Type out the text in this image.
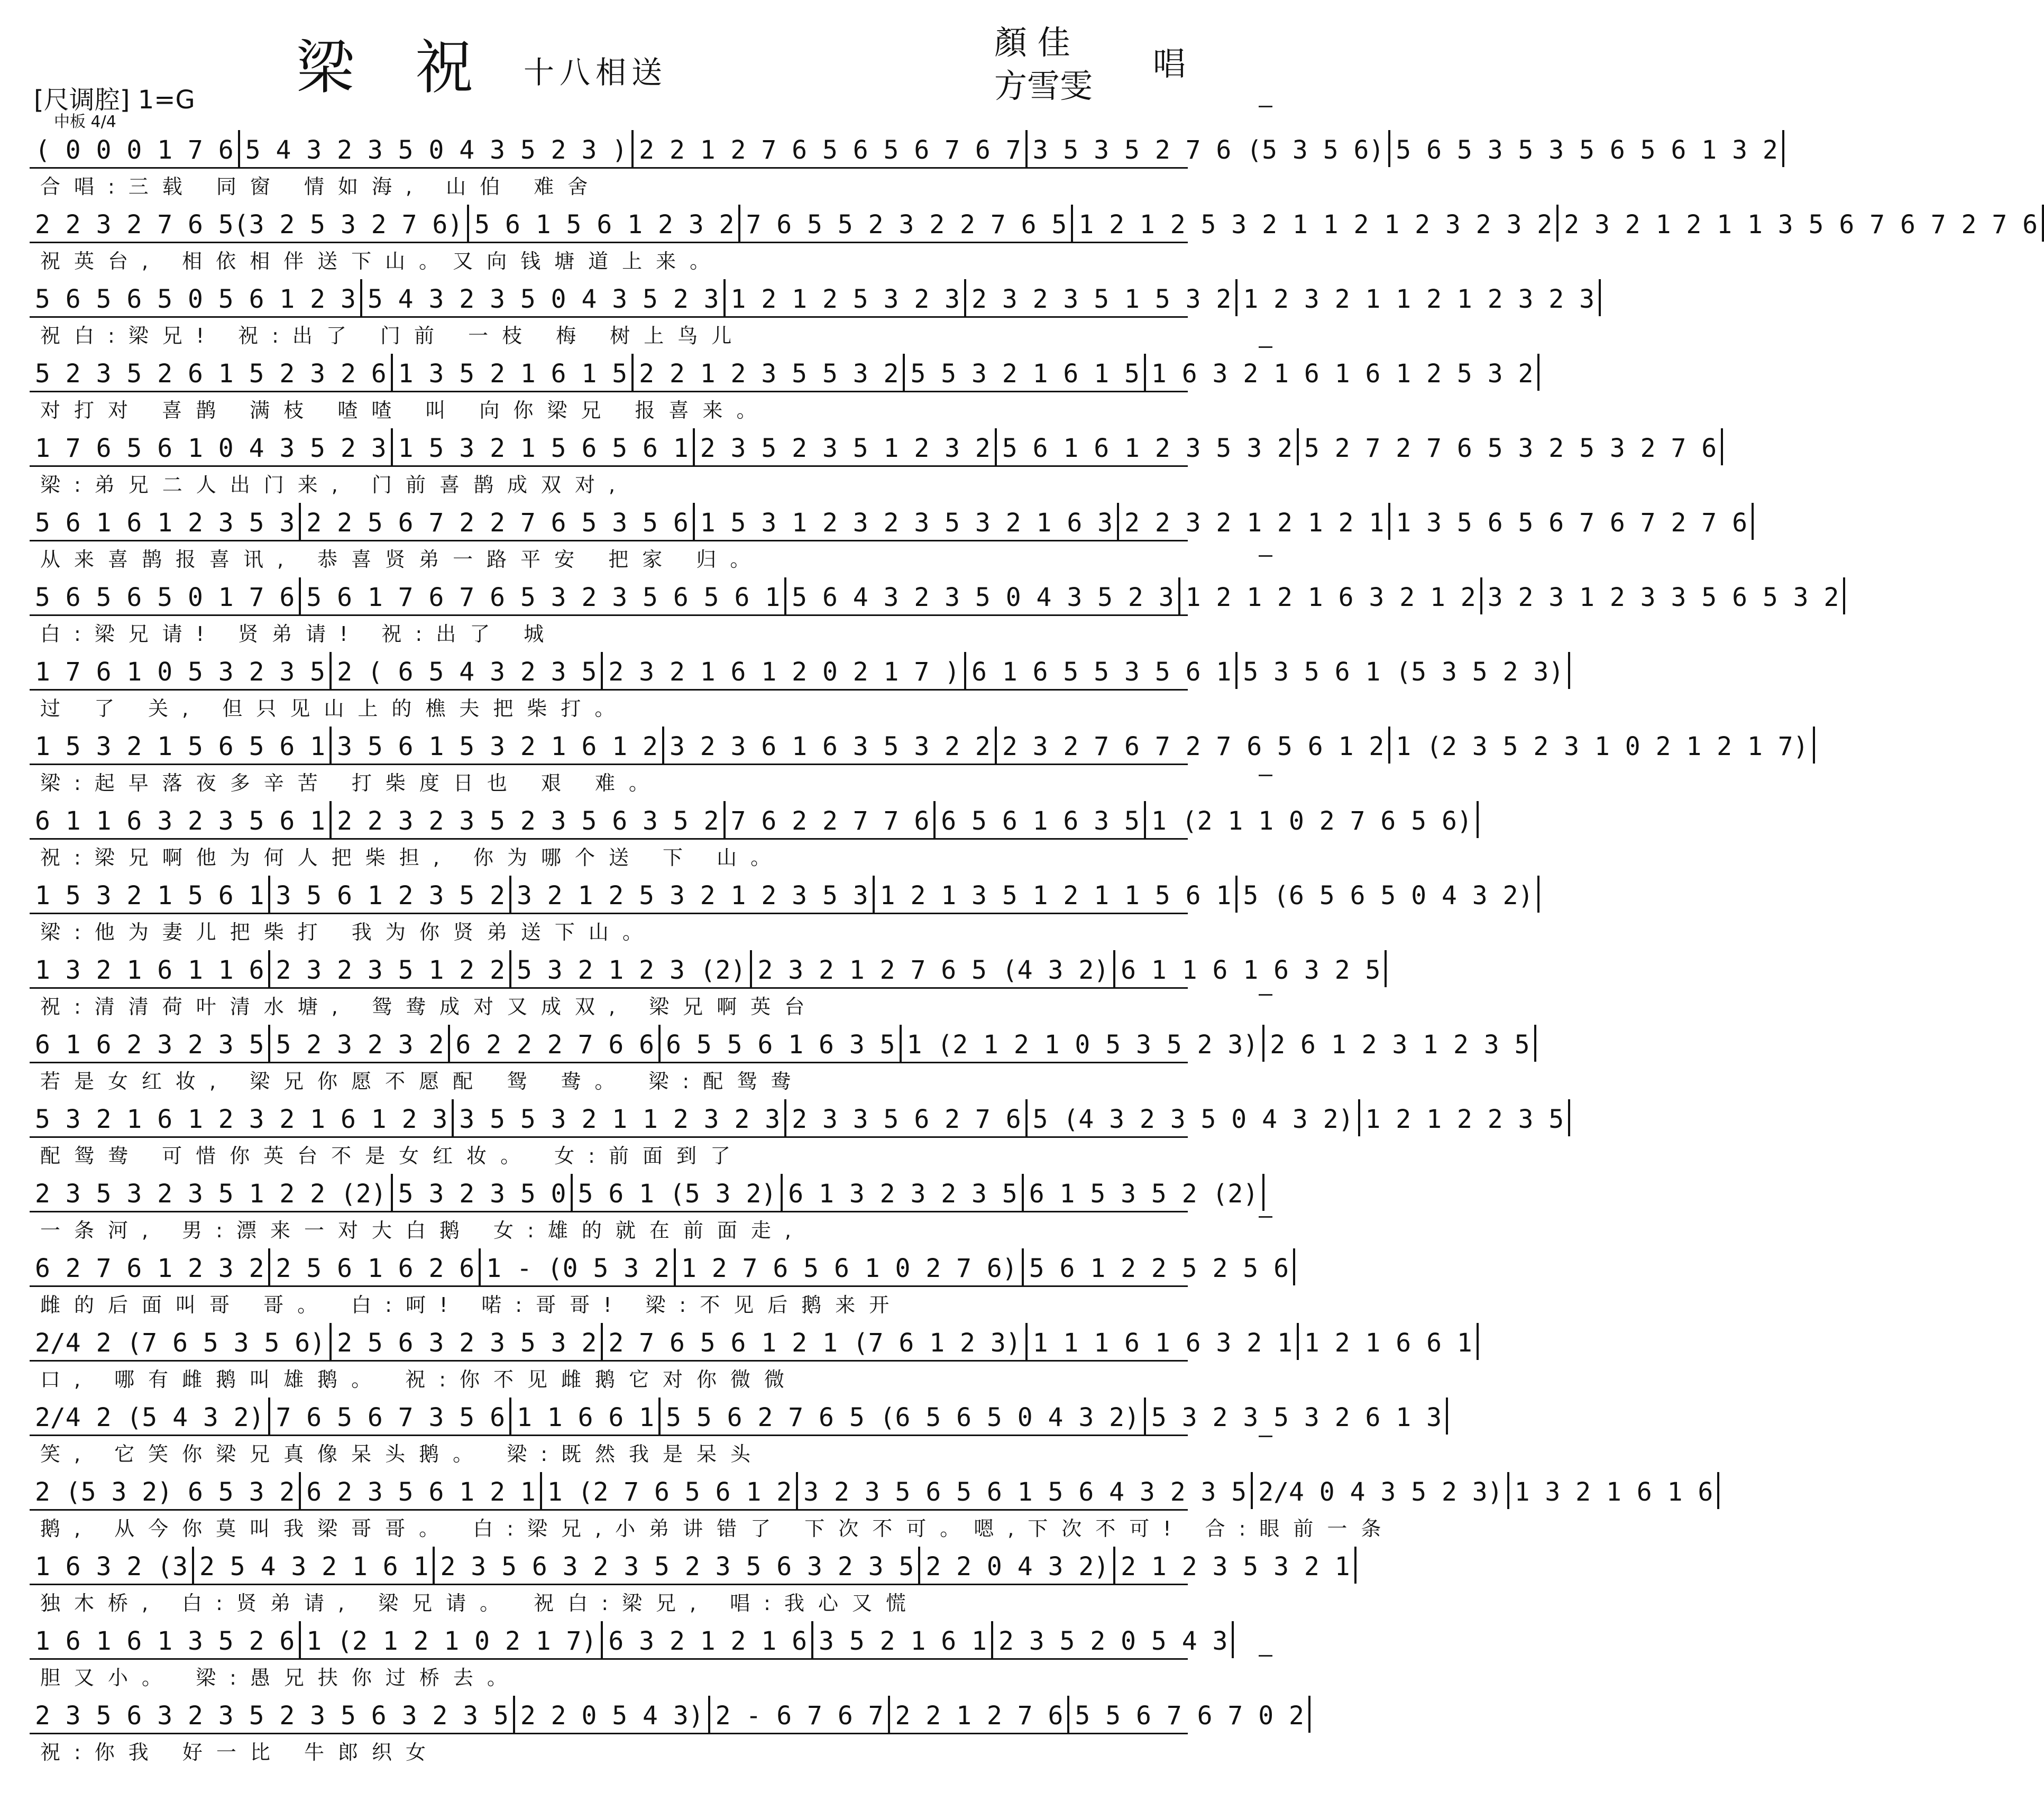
梁 祝 十八相送
顏 佳
方雪雯
唱
[尺调腔] 1=G
中板 4/4
( 0 0 0 1 7 6 5 4 3 2 3 5 0 4 3 5 2 3 ) 2 2 1 2 7 6 5 6 5 6 7 6 7 3 5 3 5 2 7 6 (5 3 5 6) 5 6 5 3 5 3 5 6 5 6 1 3 2
合唱:三载 同窗 情如海, 山伯 难舍
2 2 3 2 7 6 5(3 2 5 3 2 7 6) 5 6 1 5 6 1 2 3 2 7 6 5 5 2 3 2 2 7 6 5 1 2 1 2 5 3 2 1 1 2 1 2 3 2 3 2 2 3 2 1 2 1 1 3 5 6 7 6 7 2 7 6
祝英台, 相依相伴送下山。又向钱塘道上来。
5 6 5 6 5 0 5 6 1 2 3 5 4 3 2 3 5 0 4 3 5 2 3 1 2 1 2 5 3 2 3 2 3 2 3 5 1 5 3 2 1 2 3 2 1 1 2 1 2 3 2 3
祝白:梁兄! 祝:出了 门前 一枝 梅 树上鸟儿
5 2 3 5 2 6 1 5 2 3 2 6 1 3 5 2 1 6 1 5 2 2 1 2 3 5 5 3 2 5 5 3 2 1 6 1 5 1 6 3 2 1 6 1 6 1 2 5 3 2
对打对 喜鹊 满枝 喳喳 叫 向你梁兄 报喜来。
1 7 6 5 6 1 0 4 3 5 2 3 1 5 3 2 1 5 6 5 6 1 2 3 5 2 3 5 1 2 3 2 5 6 1 6 1 2 3 5 3 2 5 2 7 2 7 6 5 3 2 5 3 2 7 6
梁:弟兄二人出门来, 门前喜鹊成双对,
5 6 1 6 1 2 3 5 3 2 2 5 6 7 2 2 7 6 5 3 5 6 1 5 3 1 2 3 2 3 5 3 2 1 6 3 2 2 3 2 1 2 1 2 1 1 3 5 6 5 6 7 6 7 2 7 6
从来喜鹊报喜讯, 恭喜贤弟一路平安 把家 归。
5 6 5 6 5 0 1 7 6 5 6 1 7 6 7 6 5 3 2 3 5 6 5 6 1 5 6 4 3 2 3 5 0 4 3 5 2 3 1 2 1 2 1 6 3 2 1 2 3 2 3 1 2 3 3 5 6 5 3 2
白:梁兄请! 贤弟请! 祝:出了 城
1 7 6 1 0 5 3 2 3 5 2 ( 6 5 4 3 2 3 5 2 3 2 1 6 1 2 0 2 1 7 ) 6 1 6 5 5 3 5 6 1 5 3 5 6 1 (5 3 5 2 3)
过 了 关, 但只见山上的樵夫把柴打。
1 5 3 2 1 5 6 5 6 1 3 5 6 1 5 3 2 1 6 1 2 3 2 3 6 1 6 3 5 3 2 2 2 3 2 7 6 7 2 7 6 5 6 1 2 1 (2 3 5 2 3 1 0 2 1 2 1 7)
梁:起早落夜多辛苦 打柴度日也 艰 难。
6 1 1 6 3 2 3 5 6 1 2 2 3 2 3 5 2 3 5 6 3 5 2 7 6 2 2 7 7 6 6 5 6 1 6 3 5 1 (2 1 1 0 2 7 6 5 6)
祝:梁兄啊他为何人把柴担, 你为哪个送 下 山。
1 5 3 2 1 5 6 1 3 5 6 1 2 3 5 2 3 2 1 2 5 3 2 1 2 3 5 3 1 2 1 3 5 1 2 1 1 5 6 1 5 (6 5 6 5 0 4 3 2)
梁:他为妻儿把柴打 我为你贤弟送下山。
1 3 2 1 6 1 1 6 2 3 2 3 5 1 2 2 5 3 2 1 2 3 (2) 2 3 2 1 2 7 6 5 (4 3 2) 6 1 1 6 1 6 3 2 5
祝:清清荷叶清水塘, 鸳鸯成对又成双, 梁兄啊英台
6 1 6 2 3 2 3 5 5 2 3 2 3 2 6 2 2 2 7 6 6 6 5 5 6 1 6 3 5 1 (2 1 2 1 0 5 3 5 2 3) 2 6 1 2 3 1 2 3 5
若是女红妆, 梁兄你愿不愿配 鸳 鸯。 梁:配鸳鸯
5 3 2 1 6 1 2 3 2 1 6 1 2 3 3 5 5 3 2 1 1 2 3 2 3 2 3 3 5 6 2 7 6 5 (4 3 2 3 5 0 4 3 2) 1 2 1 2 2 3 5
配鸳鸯 可惜你英台不是女红妆。 女:前面到了
2 3 5 3 2 3 5 1 2 2 (2) 5 3 2 3 5 0 5 6 1 (5 3 2) 6 1 3 2 3 2 3 5 6 1 5 3 5 2 (2)
一条河, 男:漂来一对大白鹅 女:雄的就在前面走,
6 2 7 6 1 2 3 2 2 5 6 1 6 2 6 1 - (0 5 3 2 1 2 7 6 5 6 1 0 2 7 6) 5 6 1 2 2 5 2 5 6
雌的后面叫哥 哥。 白:呵! 喏:哥哥! 梁:不见后鹅来开
2/4 2 (7 6 5 3 5 6) 2 5 6 3 2 3 5 3 2 2 7 6 5 6 1 2 1 (7 6 1 2 3) 1 1 1 6 1 6 3 2 1 1 2 1 6 6 1
口, 哪有雌鹅叫雄鹅。 祝:你不见雌鹅它对你微微
2/4 2 (5 4 3 2) 7 6 5 6 7 3 5 6 1 1 6 6 1 5 5 6 2 7 6 5 (6 5 6 5 0 4 3 2) 5 3 2 3 5 3 2 6 1 3
笑, 它笑你梁兄真像呆头鹅。 梁:既然我是呆头
2 (5 3 2) 6 5 3 2 6 2 3 5 6 1 2 1 1 (2 7 6 5 6 1 2 3 2 3 5 6 5 6 1 5 6 4 3 2 3 5 2/4 0 4 3 5 2 3) 1 3 2 1 6 1 6
鹅, 从今你莫叫我梁哥哥。 白:梁兄,小弟讲错了 下次不可。嗯,下次不可! 合:眼前一条
1 6 3 2 (3 2 5 4 3 2 1 6 1 2 3 5 6 3 2 3 5 2 3 5 6 3 2 3 5 2 2 0 4 3 2) 2 1 2 3 5 3 2 1
独木桥, 白:贤弟请, 梁兄请。 祝白:梁兄, 唱:我心又慌
1 6 1 6 1 3 5 2 6 1 (2 1 2 1 0 2 1 7) 6 3 2 1 2 1 6 3 5 2 1 6 1 2 3 5 2 0 5 4 3
胆又小。 梁:愚兄扶你过桥去。
2 3 5 6 3 2 3 5 2 3 5 6 3 2 3 5 2 2 0 5 4 3) 2 - 6 7 6 7 2 2 1 2 7 6 5 5 6 7 6 7 0 2
祝:你我 好一比 牛郎织女
